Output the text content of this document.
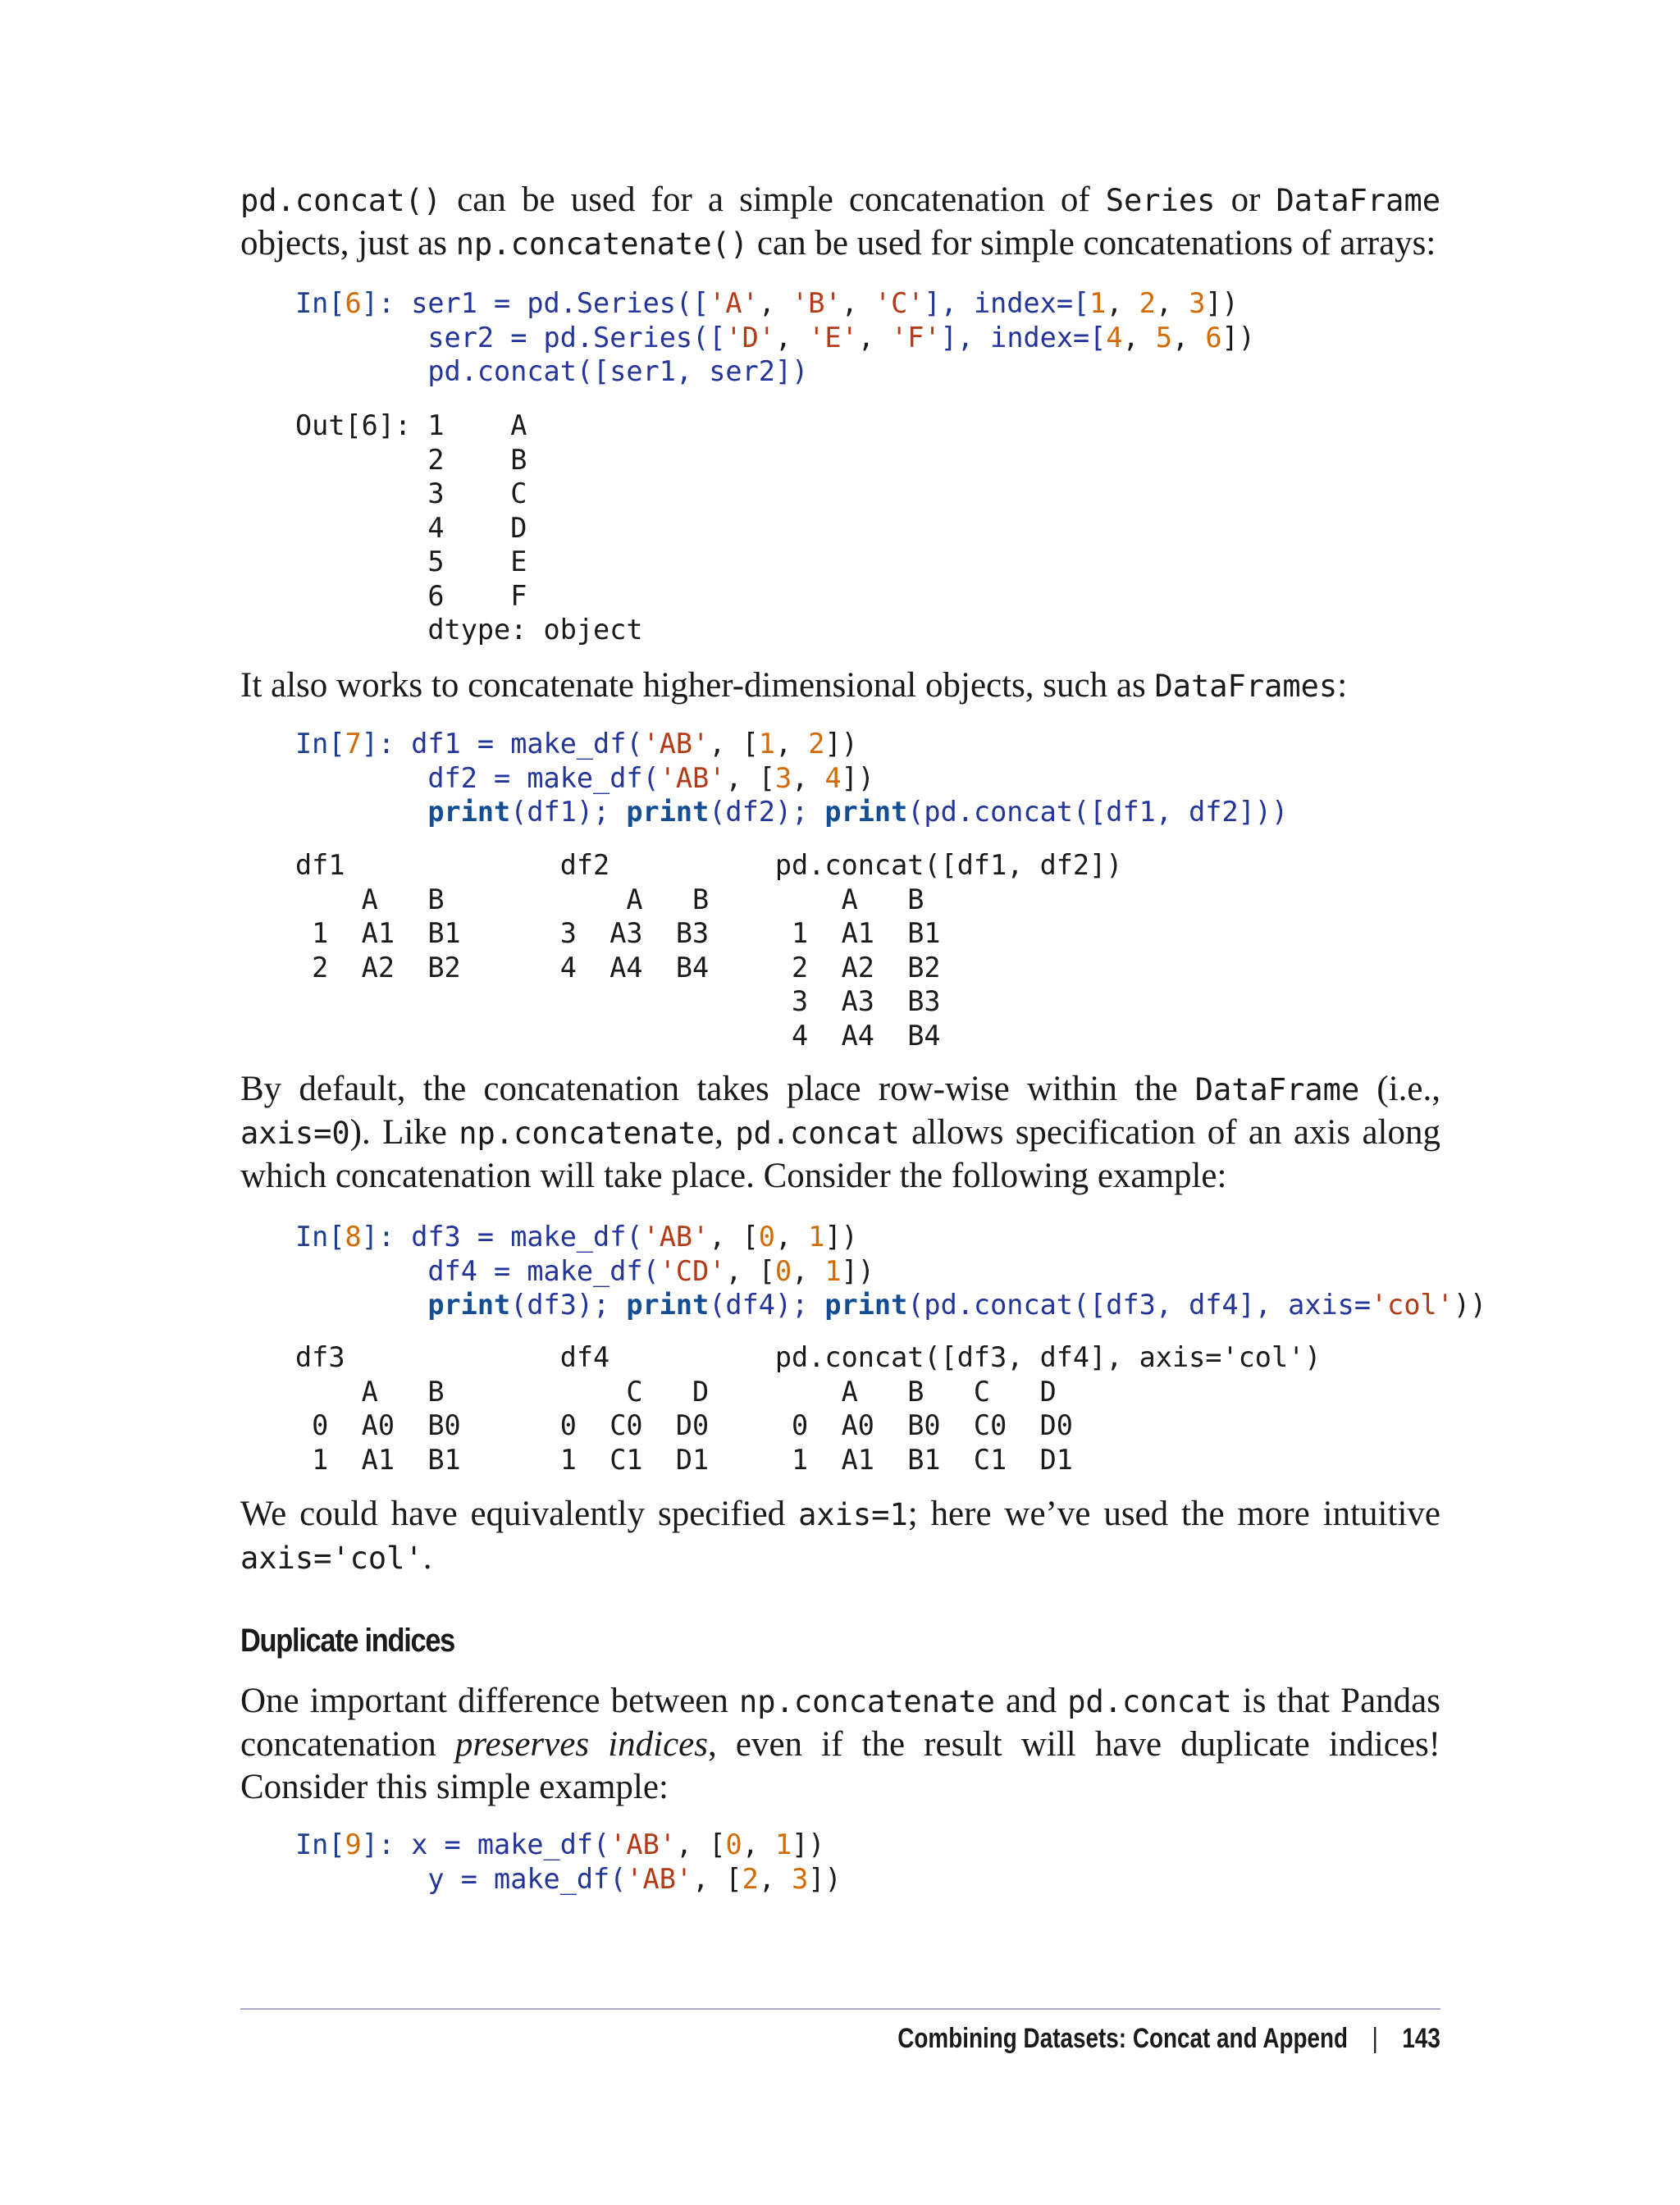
pd.concat() can be used for a simple concatenation of Series or DataFrame objects, just as np.concatenate() can be used for simple concatenations of arrays:

In[6]: ser1 = pd.Series(['A', 'B', 'C'], index=[1, 2, 3])
ser2 = pd.Series(['D', 'E', 'F'], index=[4, 5, 6])
pd.concat([ser1, ser2])
Out[6]: 1    A
2    B
3    C
4    D
5    E
6    F
dtype: object

It also works to concatenate higher-dimensional objects, such as DataFrames:

In[7]: df1 = make_df('AB', [1, 2])
df2 = make_df('AB', [3, 4])
print(df1); print(df2); print(pd.concat([df1, df2]))
df1             df2          pd.concat([df1, df2])
A   B           A   B        A   B
1  A1  B1      3  A3  B3     1  A1  B1
2  A2  B2      4  A4  B4     2  A2  B2
3  A3  B3
4  A4  B4

By default, the concatenation takes place row-wise within the DataFrame (i.e., axis=0). Like np.concatenate, pd.concat allows specification of an axis along which concatenation will take place. Consider the following example:

In[8]: df3 = make_df('AB', [0, 1])
df4 = make_df('CD', [0, 1])
print(df3); print(df4); print(pd.concat([df3, df4], axis='col'))
df3             df4          pd.concat([df3, df4], axis='col')
A   B           C   D        A   B   C   D
0  A0  B0      0  C0  D0     0  A0  B0  C0  D0
1  A1  B1      1  C1  D1     1  A1  B1  C1  D1

We could have equivalently specified axis=1; here we’ve used the more intuitive axis='col'.

Duplicate indices

One important difference between np.concatenate and pd.concat is that Pandas concatenation preserves indices, even if the result will have duplicate indices! Consider this simple example:

In[9]: x = make_df('AB', [0, 1])
y = make_df('AB', [2, 3])
Combining Datasets: Concat and Append | 143
